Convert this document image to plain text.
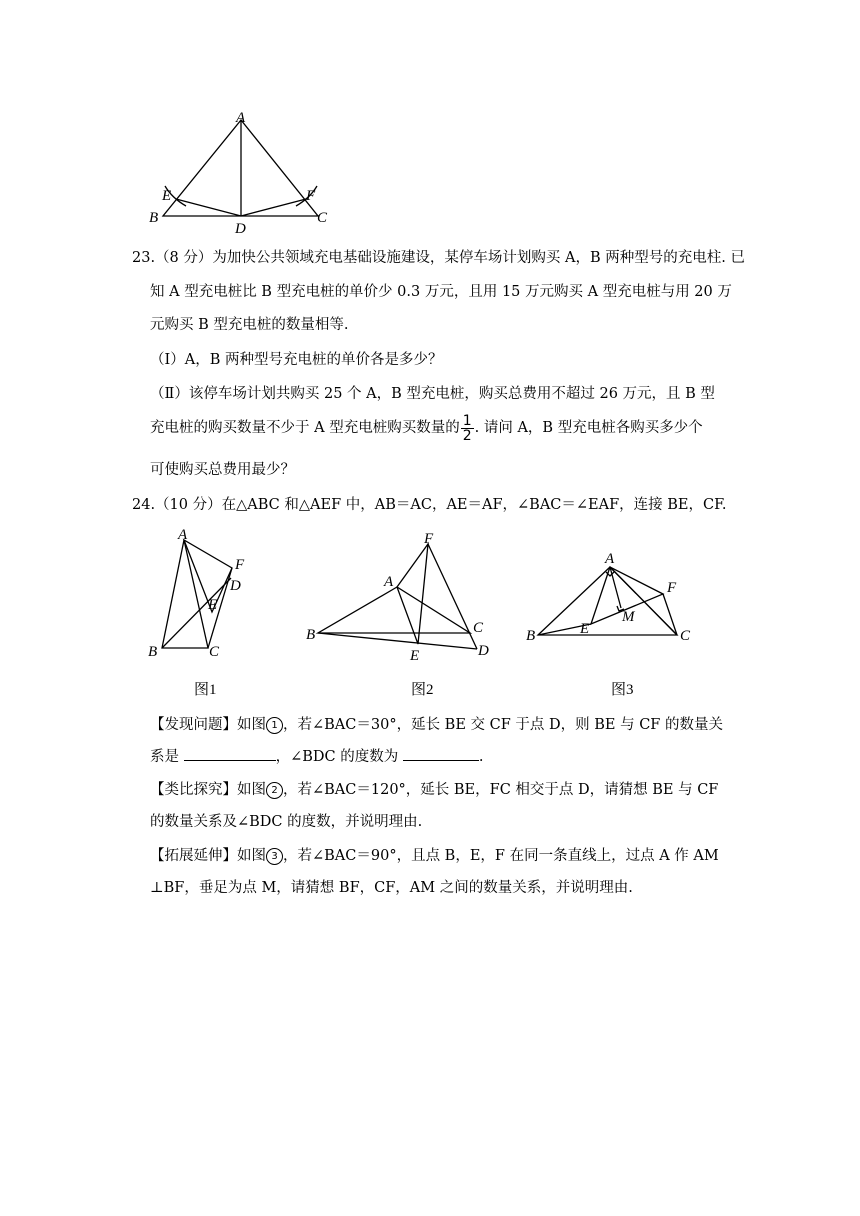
A
E	F
B
D
C
23.（8 分）为加快公共领域充电基础设施建设，某停车场计划购买 A，B 两种型号的充电柱. 已
知 A 型充电桩比 B 型充电桩的单价少 0.3 万元，且用 15 万元购买 A 型充电桩与用 20 万
元购买 B 型充电桩的数量相等.
（Ⅰ）A，B 两种型号充电桩的单价各是多少？
（Ⅱ）该停车场计划共购买 25 个 A，B 型充电桩，购买总费用不超过 26 万元，且 B 型
充电桩的购买数量不少于 A 型充电桩购买数量的 $\frac{1}{2}$ . 请问 A，B 型充电桩各购买多少个
可使购买总费用最少？
24.（10 分）在△ABC 和△AEF 中，AB＝AC，AE＝AF，∠BAC＝∠EAF，连接 BE，CF.
A
F
D
E
B	C
图1
F
A
C
B
D
E
图2
A
F
M
E
B	C
图3
【发现问题】如图 1 ，若∠BAC＝30°，延长 BE 交 CF 于点 D，则 BE 与 CF 的数量关
系是	，∠BDC 的度数为	.
【类比探究】如图 2 ，若∠BAC＝120°，延长 BE，FC 相交于点 D，请猜想 BE 与 CF
的数量关系及∠BDC 的度数，并说明理由.
【拓展延伸】如图 3 ，若∠BAC＝90°，且点 B，E，F 在同一条直线上，过点 A 作 AM
⊥BF，垂足为点 M，请猜想 BF，CF，AM 之间的数量关系，并说明理由.
